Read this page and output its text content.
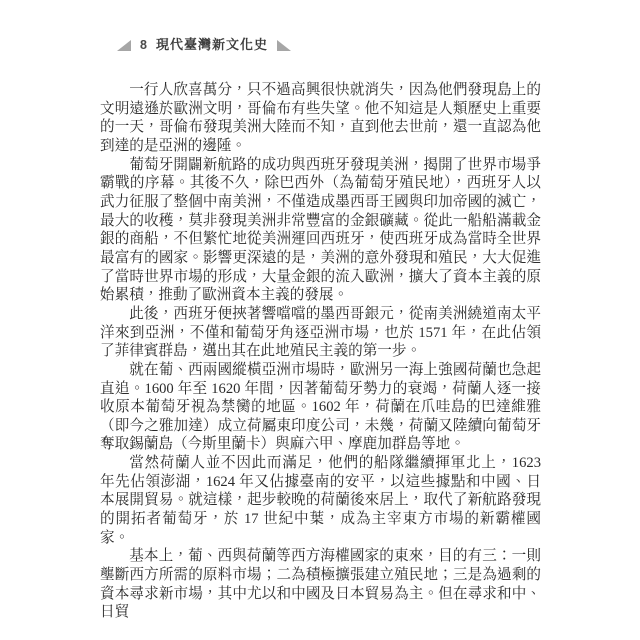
8 現代臺灣新文化史

一行人欣喜萬分，只不過高興很快就消失，因為他們發現島上的文明遠遜於歐洲文明，哥倫布有些失望。他不知這是人類歷史上重要的一天，哥倫布發現美洲大陸而不知，直到他去世前，還一直認為他到達的是亞洲的邊陲。

葡萄牙開闢新航路的成功與西班牙發現美洲，揭開了世界市場爭霸戰的序幕。其後不久，除巴西外（為葡萄牙殖民地），西班牙人以武力征服了整個中南美洲，不僅造成墨西哥王國與印加帝國的滅亡，最大的收穫，莫非發現美洲非常豐富的金銀礦藏。從此一船船滿載金銀的商船，不但繁忙地從美洲運回西班牙，使西班牙成為當時全世界最富有的國家。影響更深遠的是，美洲的意外發現和殖民，大大促進了當時世界市場的形成，大量金銀的流入歐洲，擴大了資本主義的原始累積，推動了歐洲資本主義的發展。

此後，西班牙便挾著響噹噹的墨西哥銀元，從南美洲繞道南太平洋來到亞洲，不僅和葡萄牙角逐亞洲市場，也於 1571 年，在此佔領了菲律賓群島，邁出其在此地殖民主義的第一步。

就在葡、西兩國縱橫亞洲市場時，歐洲另一海上強國荷蘭也急起直追。1600 年至 1620 年間，因著葡萄牙勢力的衰竭，荷蘭人逐一接收原本葡萄牙視為禁臠的地區。1602 年，荷蘭在爪哇島的巴達維雅（即今之雅加達）成立荷屬東印度公司，未幾，荷蘭又陸續向葡萄牙奪取錫蘭島（今斯里蘭卡）與麻六甲、摩鹿加群島等地。

當然荷蘭人並不因此而滿足，他們的船隊繼續揮軍北上，1623 年先佔領澎湖，1624 年又佔據臺南的安平，以這些據點和中國、日本展開貿易。就這樣，起步較晚的荷蘭後來居上，取代了新航路發現的開拓者葡萄牙，於 17 世紀中葉，成為主宰東方市場的新霸權國家。

基本上，葡、西與荷蘭等西方海權國家的東來，目的有三：一則壟斷西方所需的原料市場；二為積極擴張建立殖民地；三是為過剩的資本尋求新市場，其中尤以和中國及日本貿易為主。但在尋求和中、日貿
